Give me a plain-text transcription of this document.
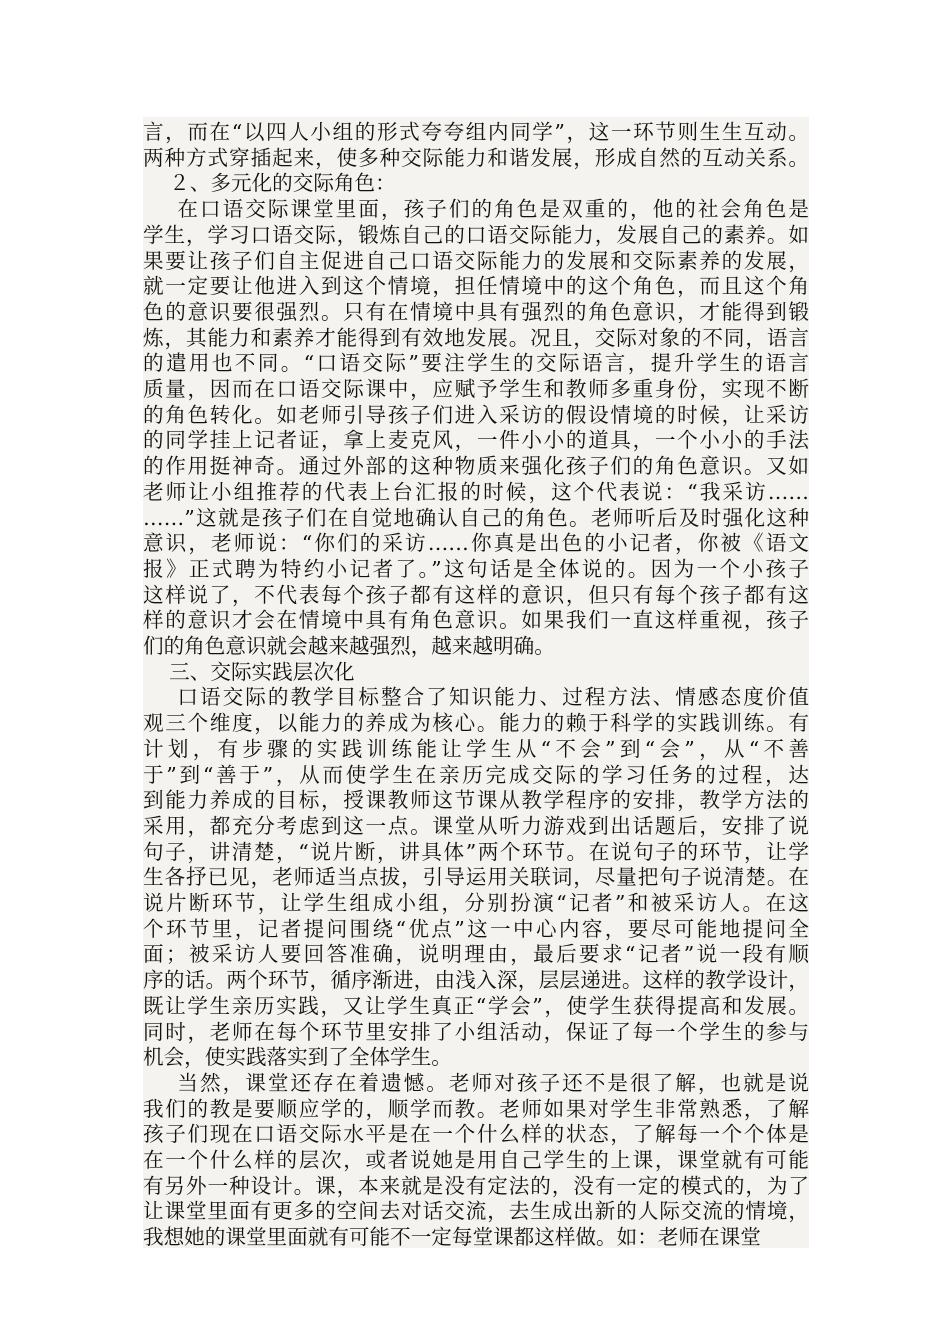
言，而在“以四人小组的形式夸夸组内同学”，这一环节则生生互动。
两种方式穿插起来，使多种交际能力和谐发展，形成自然的互动关系。
２、多元化的交际角色：
在口语交际课堂里面，孩子们的角色是双重的，他的社会角色是
学生，学习口语交际，锻炼自己的口语交际能力，发展自己的素养。如
果要让孩子们自主促进自己口语交际能力的发展和交际素养的发展，
就一定要让他进入到这个情境，担任情境中的这个角色，而且这个角
色的意识要很强烈。只有在情境中具有强烈的角色意识，才能得到锻
炼，其能力和素养才能得到有效地发展。况且，交际对象的不同，语言
的遣用也不同。“口语交际”要注学生的交际语言，提升学生的语言
质量，因而在口语交际课中，应赋予学生和教师多重身份，实现不断
的角色转化。如老师引导孩子们进入采访的假设情境的时候，让采访
的同学挂上记者证，拿上麦克风，一件小小的道具，一个小小的手法
的作用挺神奇。通过外部的这种物质来强化孩子们的角色意识。又如
老师让小组推荐的代表上台汇报的时候，这个代表说：“我采访……
……”这就是孩子们在自觉地确认自己的角色。老师听后及时强化这种
意识，老师说：“你们的采访……你真是出色的小记者，你被《语文
报》正式聘为特约小记者了。”这句话是全体说的。因为一个小孩子
这样说了，不代表每个孩子都有这样的意识，但只有每个孩子都有这
样的意识才会在情境中具有角色意识。如果我们一直这样重视，孩子
们的角色意识就会越来越强烈，越来越明确。
三、交际实践层次化
口语交际的教学目标整合了知识能力、过程方法、情感态度价值
观三个维度，以能力的养成为核心。能力的赖于科学的实践训练。有
计划，有步骤的实践训练能让学生从“不会”到“会”，从“不善
于”到“善于”，从而使学生在亲历完成交际的学习任务的过程，达
到能力养成的目标，授课教师这节课从教学程序的安排，教学方法的
采用，都充分考虑到这一点。课堂从听力游戏到出话题后，安排了说
句子，讲清楚，“说片断，讲具体”两个环节。在说句子的环节，让学
生各抒已见，老师适当点拔，引导运用关联词，尽量把句子说清楚。在
说片断环节，让学生组成小组，分别扮演“记者”和被采访人。在这
个环节里，记者提问围绕“优点”这一中心内容，要尽可能地提问全
面；被采访人要回答准确，说明理由，最后要求“记者”说一段有顺
序的话。两个环节，循序渐进，由浅入深，层层递进。这样的教学设计，
既让学生亲历实践，又让学生真正“学会”，使学生获得提高和发展。
同时，老师在每个环节里安排了小组活动，保证了每一个学生的参与
机会，使实践落实到了全体学生。
当然，课堂还存在着遗憾。老师对孩子还不是很了解，也就是说
我们的教是要顺应学的，顺学而教。老师如果对学生非常熟悉，了解
孩子们现在口语交际水平是在一个什么样的状态，了解每一个个体是
在一个什么样的层次，或者说她是用自己学生的上课，课堂就有可能
有另外一种设计。课，本来就是没有定法的，没有一定的模式的，为了
让课堂里面有更多的空间去对话交流，去生成出新的人际交流的情境，
我想她的课堂里面就有可能不一定每堂课都这样做。如：老师在课堂
